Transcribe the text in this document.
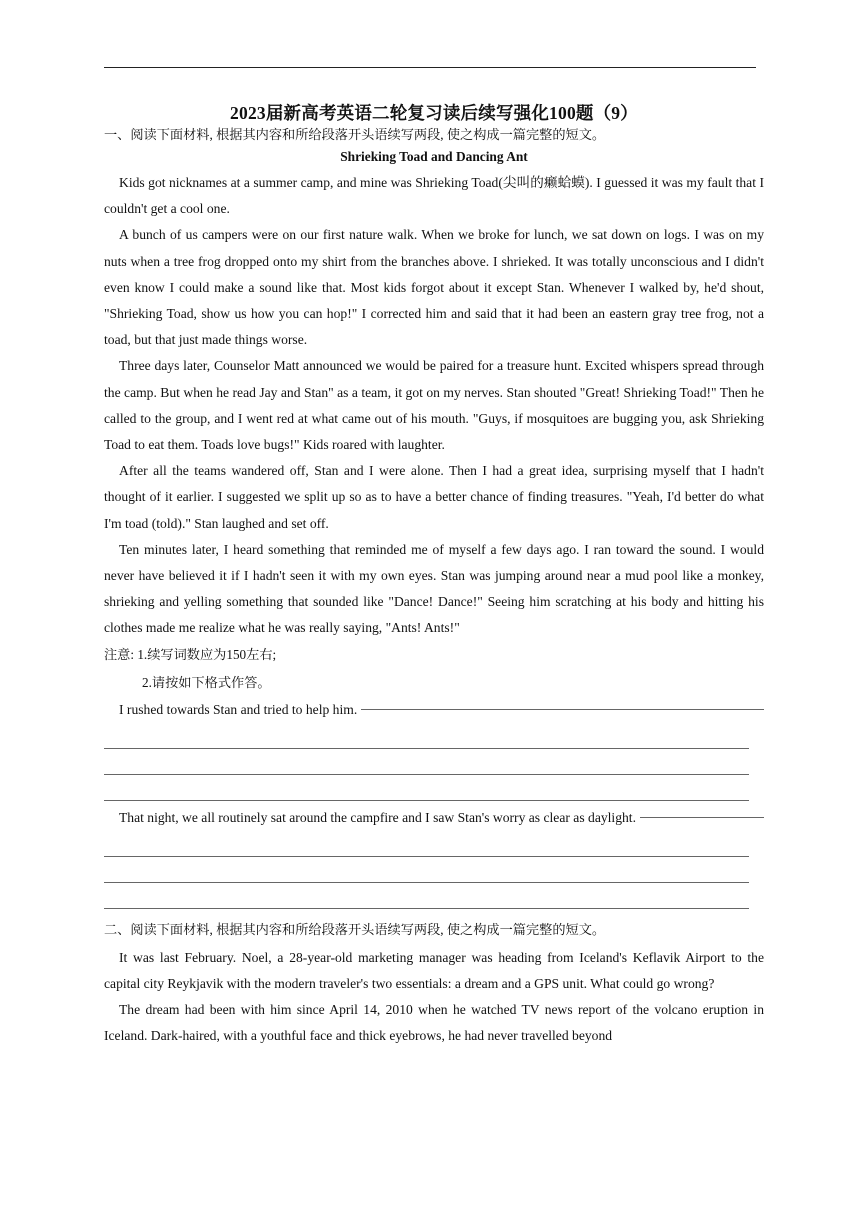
2023届新高考英语二轮复习读后续写强化100题（9）

一、阅读下面材料, 根据其内容和所给段落开头语续写两段, 使之构成一篇完整的短文。

Shrieking Toad and Dancing Ant

Kids got nicknames at a summer camp, and mine was Shrieking Toad(尖叫的癞蛤蟆). I guessed it was my fault that I couldn't get a cool one.

A bunch of us campers were on our first nature walk. When we broke for lunch, we sat down on logs. I was on my nuts when a tree frog dropped onto my shirt from the branches above. I shrieked. It was totally unconscious and I didn't even know I could make a sound like that. Most kids forgot about it except Stan. Whenever I walked by, he'd shout, "Shrieking Toad, show us how you can hop!" I corrected him and said that it had been an eastern gray tree frog, not a toad, but that just made things worse.

Three days later, Counselor Matt announced we would be paired for a treasure hunt. Excited whispers spread through the camp. But when he read Jay and Stan" as a team, it got on my nerves. Stan shouted "Great! Shrieking Toad!" Then he called to the group, and I went red at what came out of his mouth. "Guys, if mosquitoes are bugging you, ask Shrieking Toad to eat them. Toads love bugs!" Kids roared with laughter.

After all the teams wandered off, Stan and I were alone. Then I had a great idea, surprising myself that I hadn't thought of it earlier. I suggested we split up so as to have a better chance of finding treasures. "Yeah, I'd better do what I'm toad (told)." Stan laughed and set off.

Ten minutes later, I heard something that reminded me of myself a few days ago. I ran toward the sound. I would never have believed it if I hadn't seen it with my own eyes. Stan was jumping around near a mud pool like a monkey, shrieking and yelling something that sounded like "Dance! Dance!" Seeing him scratching at his body and hitting his clothes made me realize what he was really saying, "Ants! Ants!"

注意: 1.续写词数应为150左右;

2.请按如下格式作答。

I rushed towards Stan and tried to help him.
That night, we all routinely sat around the campfire and I saw Stan's worry as clear as daylight.

二、阅读下面材料, 根据其内容和所给段落开头语续写两段, 使之构成一篇完整的短文。

It was last February. Noel, a 28-year-old marketing manager was heading from Iceland's Keflavik Airport to the capital city Reykjavik with the modern traveler's two essentials: a dream and a GPS unit. What could go wrong?

The dream had been with him since April 14, 2010 when he watched TV news report of the volcano eruption in Iceland. Dark-haired, with a youthful face and thick eyebrows, he had never travelled beyond
